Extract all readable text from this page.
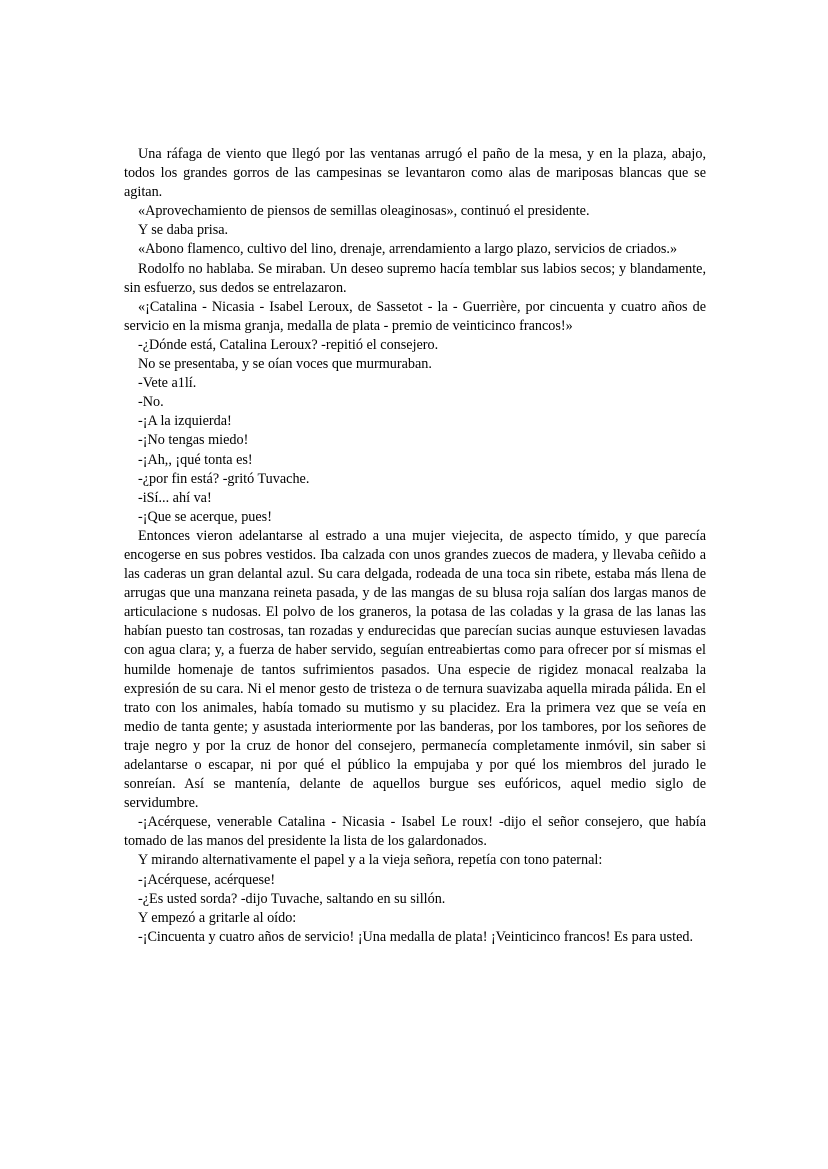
Una ráfaga de viento que llegó por las ventanas arrugó el paño de la mesa, y en la plaza, abajo, todos los grandes gorros de las campesinas se levantaron como alas de mariposas blancas que se agitan.

«Aprovechamiento de piensos de semillas oleaginosas», continuó el presidente.

Y se daba prisa.

«Abono flamenco, cultivo del lino, drenaje, arrendamiento a largo plazo, servicios de criados.»

Rodolfo no hablaba. Se miraban. Un deseo supremo hacía temblar sus labios secos; y blandamente, sin esfuerzo, sus dedos se entrelazaron.

«¡Catalina - Nicasia - Isabel Leroux, de Sassetot - la - Guerrière, por cincuenta y cuatro años de servicio en la misma granja, medalla de plata - premio de veinticinco francos!»

-¿Dónde está, Catalina Leroux? -repitió el consejero.

No se presentaba, y se oían voces que murmuraban.

-Vete a1lí.

-No.

-¡A la izquierda!

-¡No tengas miedo!

-¡Ah,, ¡qué tonta es!

-¿por fin está? -gritó Tuvache.

-iSí... ahí va!

-¡Que se acerque, pues!

Entonces vieron adelantarse al estrado a una mujer viejecita, de aspecto tímido, y que parecía encogerse en sus pobres vestidos. Iba calzada con unos grandes zuecos de madera, y llevaba ceñido a las caderas un gran delantal azul. Su cara delgada, rodeada de una toca sin ribete, estaba más llena de arrugas que una manzana reineta pasada, y de las mangas de su blusa roja salían dos largas manos de articulacione s nudosas. El polvo de los graneros, la potasa de las coladas y la grasa de las lanas las habían puesto tan costrosas, tan rozadas y endurecidas que parecían sucias aunque estuviesen lavadas con agua clara; y, a fuerza de haber servido, seguían entreabiertas como para ofrecer por sí mismas el humilde homenaje de tantos sufrimientos pasados. Una especie de rigidez monacal realzaba la expresión de su cara. Ni el menor gesto de tristeza o de ternura suavizaba aquella mirada pálida. En el trato con los animales, había tomado su mutismo y su placidez. Era la primera vez que se veía en medio de tanta gente; y asustada interiormente por las banderas, por los tambores, por los señores de traje negro y por la cruz de honor del consejero, permanecía completamente inmóvil, sin saber si adelantarse o escapar, ni por qué el público la empujaba y por qué los miembros del jurado le sonreían. Así se mantenía, delante de aquellos burgue ses eufóricos, aquel medio siglo de servidumbre.

-¡Acérquese, venerable Catalina - Nicasia - Isabel Le roux! -dijo el señor consejero, que había tomado de las manos del presidente la lista de los galardonados.

Y mirando alternativamente el papel y a la vieja señora, repetía con tono paternal:

-¡Acérquese, acérquese!

-¿Es usted sorda? -dijo Tuvache, saltando en su sillón.

Y empezó a gritarle al oído:

-¡Cincuenta y cuatro años de servicio! ¡Una medalla de plata! ¡Veinticinco francos! Es para usted.
